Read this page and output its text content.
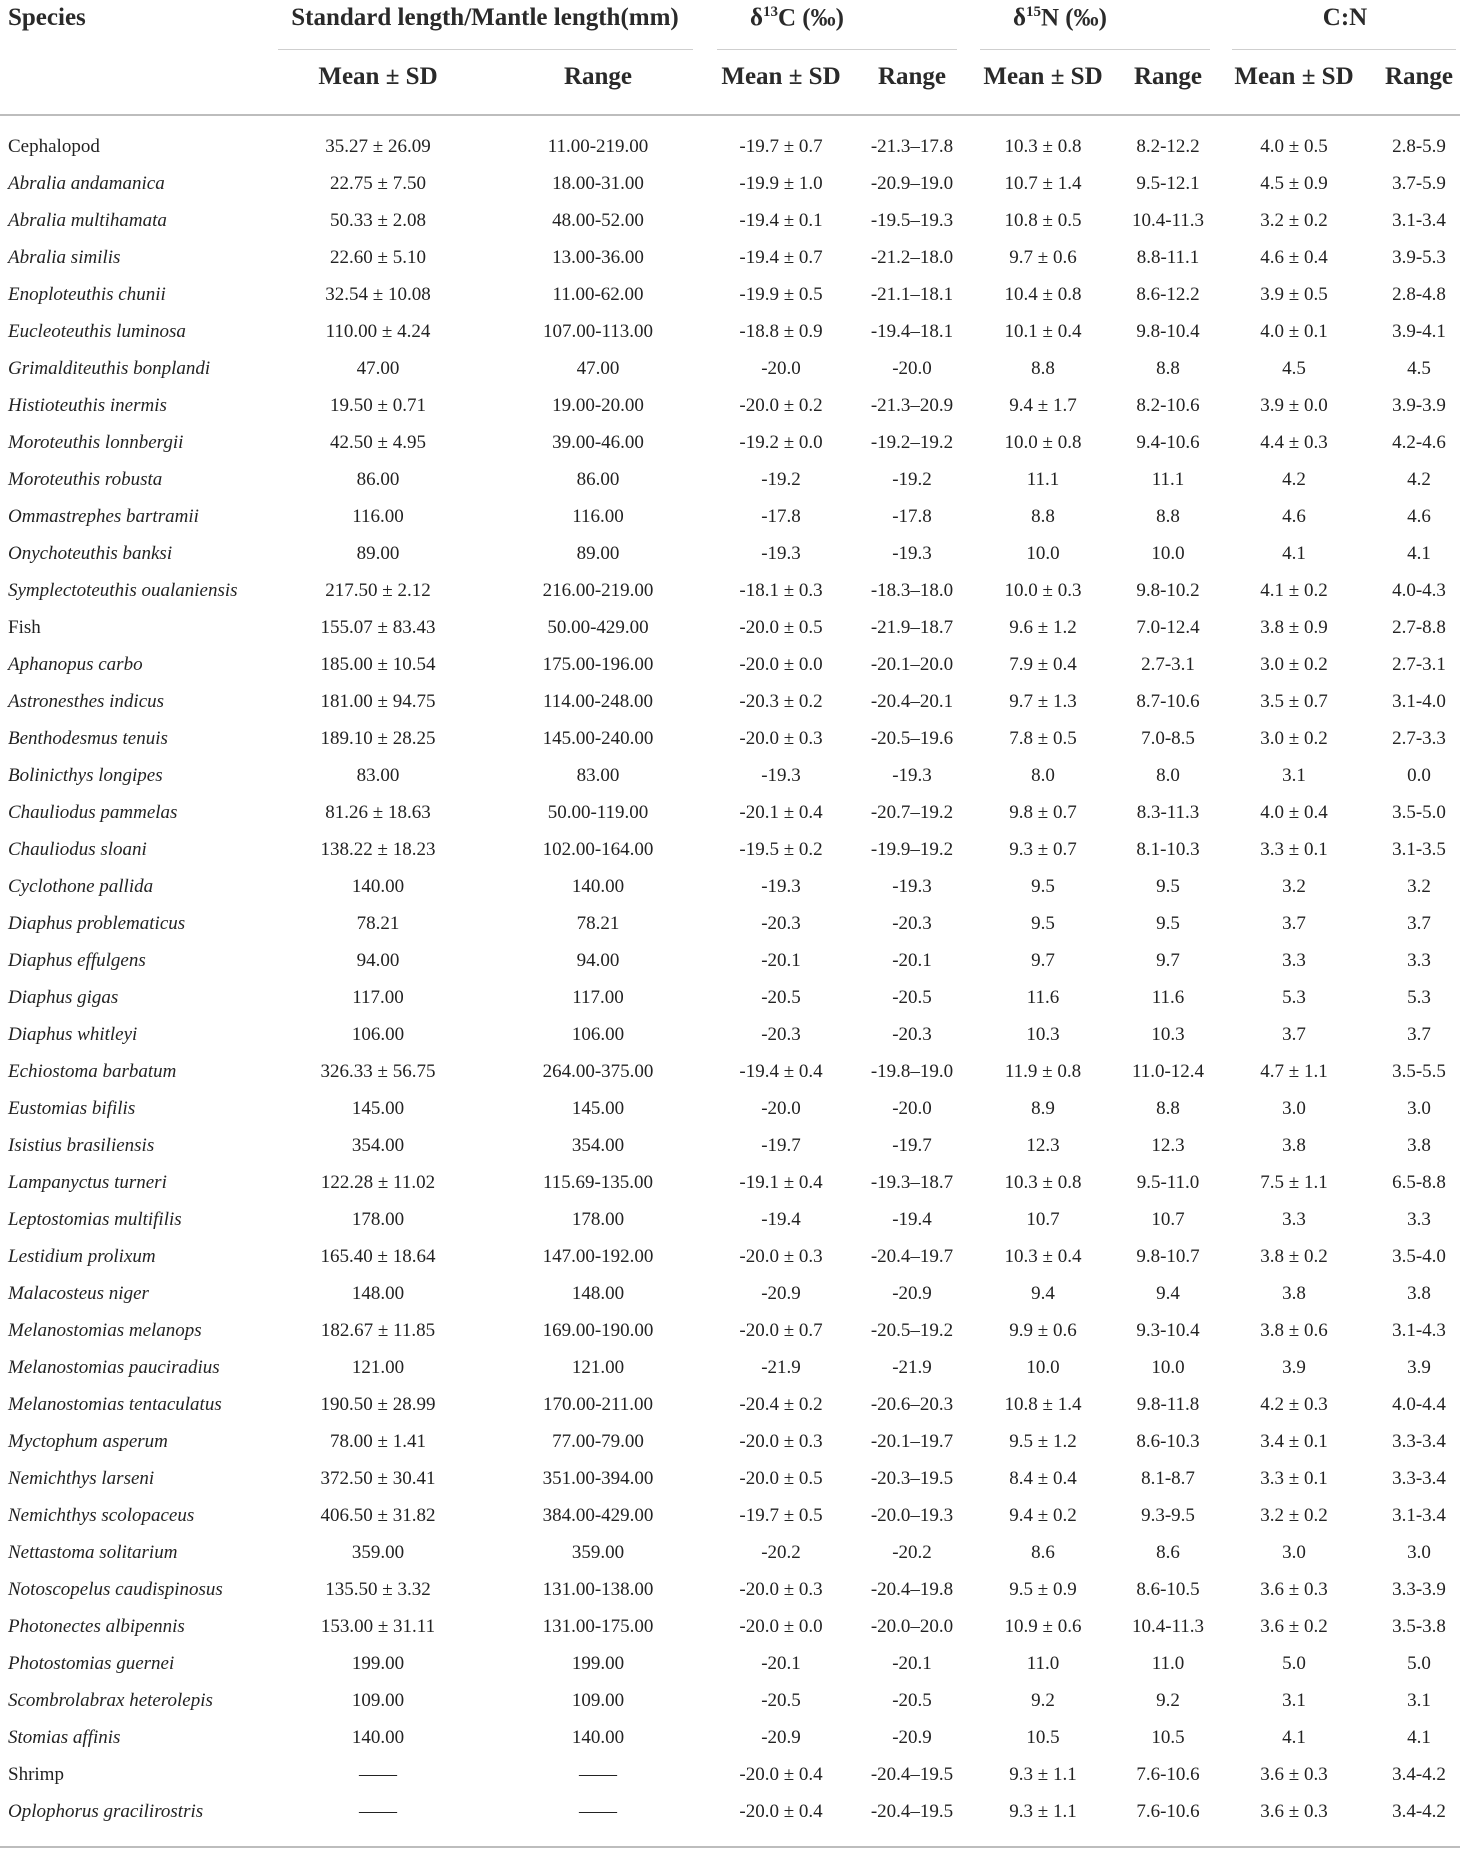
Species	Standard length/Mantle length(mm)	$\delta^{13}C$ (‰)	$\delta^{15}N$ (‰)	C:N
Mean ± SD	Range	Mean ± SD Range Mean ± SD Range Mean ± SD Range
Cephalopod	35.27 ± 26.09	11.00-219.00	-19.7 ± 0.7	-21.3–17.8	10.3 ± 0.8	8.2-12.2	4.0 ± 0.5	2.8-5.9
Abralia andamanica	22.75 ± 7.50	18.00-31.00	-19.9 ± 1.0	-20.9–19.0	10.7 ± 1.4	9.5-12.1	4.5 ± 0.9	3.7-5.9
Abralia multihamata	50.33 ± 2.08	48.00-52.00	-19.4 ± 0.1	-19.5–19.3	10.8 ± 0.5	10.4-11.3	3.2 ± 0.2	3.1-3.4
Abralia similis	22.60 ± 5.10	13.00-36.00	-19.4 ± 0.7	-21.2–18.0	9.7 ± 0.6	8.8-11.1	4.6 ± 0.4	3.9-5.3
Enoploteuthis chunii	32.54 ± 10.08	11.00-62.00	-19.9 ± 0.5	-21.1–18.1	10.4 ± 0.8	8.6-12.2	3.9 ± 0.5	2.8-4.8
Eucleoteuthis luminosa	110.00 ± 4.24	107.00-113.00	-18.8 ± 0.9	-19.4–18.1	10.1 ± 0.4	9.8-10.4	4.0 ± 0.1	3.9-4.1
Grimalditeuthis bonplandi	47.00	47.00	-20.0	-20.0	8.8	8.8	4.5	4.5
Histioteuthis inermis	19.50 ± 0.71	19.00-20.00	-20.0 ± 0.2	-21.3–20.9	9.4 ± 1.7	8.2-10.6	3.9 ± 0.0	3.9-3.9
Moroteuthis lonnbergii	42.50 ± 4.95	39.00-46.00	-19.2 ± 0.0	-19.2–19.2	10.0 ± 0.8	9.4-10.6	4.4 ± 0.3	4.2-4.6
Moroteuthis robusta	86.00	86.00	-19.2	-19.2	11.1	11.1	4.2	4.2
Ommastrephes bartramii	116.00	116.00	-17.8	-17.8	8.8	8.8	4.6	4.6
Onychoteuthis banksi	89.00	89.00	-19.3	-19.3	10.0	10.0	4.1	4.1
Symplectoteuthis oualaniensis	217.50 ± 2.12	216.00-219.00	-18.1 ± 0.3	-18.3–18.0	10.0 ± 0.3	9.8-10.2	4.1 ± 0.2	4.0-4.3
Fish	155.07 ± 83.43	50.00-429.00	-20.0 ± 0.5	-21.9–18.7	9.6 ± 1.2	7.0-12.4	3.8 ± 0.9	2.7-8.8
Aphanopus carbo	185.00 ± 10.54	175.00-196.00	-20.0 ± 0.0	-20.1–20.0	7.9 ± 0.4	2.7-3.1	3.0 ± 0.2	2.7-3.1
Astronesthes indicus	181.00 ± 94.75	114.00-248.00	-20.3 ± 0.2	-20.4–20.1	9.7 ± 1.3	8.7-10.6	3.5 ± 0.7	3.1-4.0
Benthodesmus tenuis	189.10 ± 28.25	145.00-240.00	-20.0 ± 0.3	-20.5–19.6	7.8 ± 0.5	7.0-8.5	3.0 ± 0.2	2.7-3.3
Bolinicthys longipes	83.00	83.00	-19.3	-19.3	8.0	8.0	3.1	0.0
Chauliodus pammelas	81.26 ± 18.63	50.00-119.00	-20.1 ± 0.4	-20.7–19.2	9.8 ± 0.7	8.3-11.3	4.0 ± 0.4	3.5-5.0
Chauliodus sloani	138.22 ± 18.23	102.00-164.00	-19.5 ± 0.2	-19.9–19.2	9.3 ± 0.7	8.1-10.3	3.3 ± 0.1	3.1-3.5
Cyclothone pallida	140.00	140.00	-19.3	-19.3	9.5	9.5	3.2	3.2
Diaphus problematicus	78.21	78.21	-20.3	-20.3	9.5	9.5	3.7	3.7
Diaphus effulgens	94.00	94.00	-20.1	-20.1	9.7	9.7	3.3	3.3
Diaphus gigas	117.00	117.00	-20.5	-20.5	11.6	11.6	5.3	5.3
Diaphus whitleyi	106.00	106.00	-20.3	-20.3	10.3	10.3	3.7	3.7
Echiostoma barbatum	326.33 ± 56.75	264.00-375.00	-19.4 ± 0.4	-19.8–19.0	11.9 ± 0.8	11.0-12.4	4.7 ± 1.1	3.5-5.5
Eustomias bifilis	145.00	145.00	-20.0	-20.0	8.9	8.8	3.0	3.0
Isistius brasiliensis	354.00	354.00	-19.7	-19.7	12.3	12.3	3.8	3.8
Lampanyctus turneri	122.28 ± 11.02	115.69-135.00	-19.1 ± 0.4	-19.3–18.7	10.3 ± 0.8	9.5-11.0	7.5 ± 1.1	6.5-8.8
Leptostomias multifilis	178.00	178.00	-19.4	-19.4	10.7	10.7	3.3	3.3
Lestidium prolixum	165.40 ± 18.64	147.00-192.00	-20.0 ± 0.3	-20.4–19.7	10.3 ± 0.4	9.8-10.7	3.8 ± 0.2	3.5-4.0
Malacosteus niger	148.00	148.00	-20.9	-20.9	9.4	9.4	3.8	3.8
Melanostomias melanops	182.67 ± 11.85	169.00-190.00	-20.0 ± 0.7	-20.5–19.2	9.9 ± 0.6	9.3-10.4	3.8 ± 0.6	3.1-4.3
Melanostomias pauciradius	121.00	121.00	-21.9	-21.9	10.0	10.0	3.9	3.9
Melanostomias tentaculatus	190.50 ± 28.99	170.00-211.00	-20.4 ± 0.2	-20.6–20.3	10.8 ± 1.4	9.8-11.8	4.2 ± 0.3	4.0-4.4
Myctophum asperum	78.00 ± 1.41	77.00-79.00	-20.0 ± 0.3	-20.1–19.7	9.5 ± 1.2	8.6-10.3	3.4 ± 0.1	3.3-3.4
Nemichthys larseni	372.50 ± 30.41	351.00-394.00	-20.0 ± 0.5	-20.3–19.5	8.4 ± 0.4	8.1-8.7	3.3 ± 0.1	3.3-3.4
Nemichthys scolopaceus	406.50 ± 31.82	384.00-429.00	-19.7 ± 0.5	-20.0–19.3	9.4 ± 0.2	9.3-9.5	3.2 ± 0.2	3.1-3.4
Nettastoma solitarium	359.00	359.00	-20.2	-20.2	8.6	8.6	3.0	3.0
Notoscopelus caudispinosus	135.50 ± 3.32	131.00-138.00	-20.0 ± 0.3	-20.4–19.8	9.5 ± 0.9	8.6-10.5	3.6 ± 0.3	3.3-3.9
Photonectes albipennis	153.00 ± 31.11	131.00-175.00	-20.0 ± 0.0	-20.0–20.0	10.9 ± 0.6	10.4-11.3	3.6 ± 0.2	3.5-3.8
Photostomias guernei	199.00	199.00	-20.1	-20.1	11.0	11.0	5.0	5.0
Scombrolabrax heterolepis	109.00	109.00	-20.5	-20.5	9.2	9.2	3.1	3.1
Stomias affinis	140.00	140.00	-20.9	-20.9	10.5	10.5	4.1	4.1
Shrimp	——	——	-20.0 ± 0.4	-20.4–19.5	9.3 ± 1.1	7.6-10.6	3.6 ± 0.3	3.4-4.2
Oplophorus gracilirostris	——	——	-20.0 ± 0.4	-20.4–19.5	9.3 ± 1.1	7.6-10.6	3.6 ± 0.3	3.4-4.2
